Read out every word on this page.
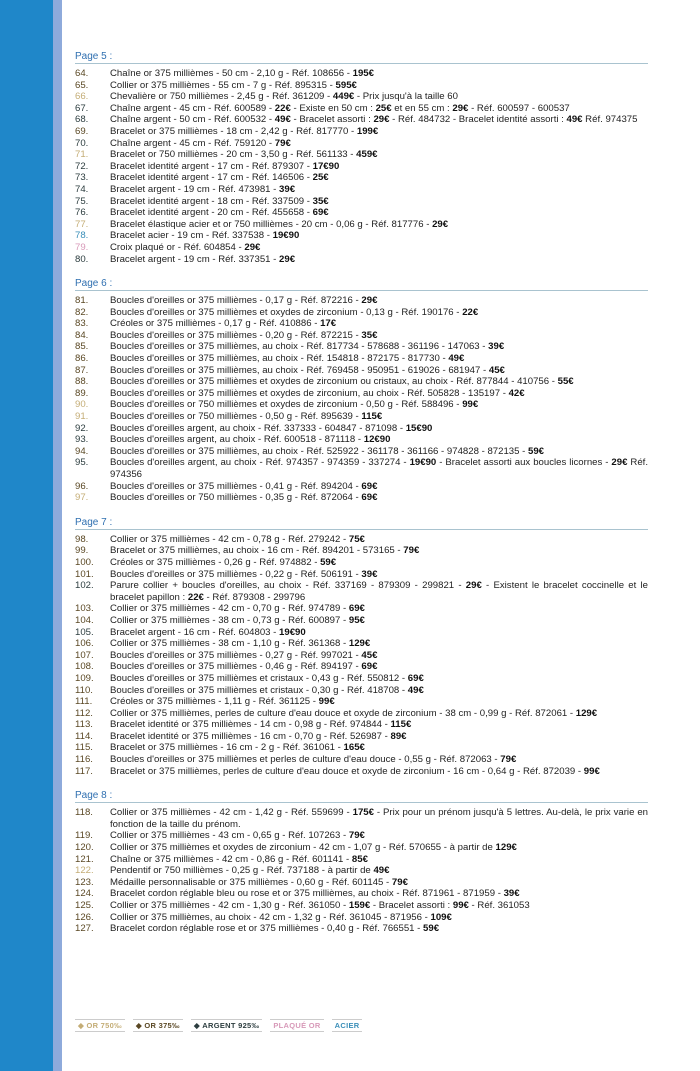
Page 5 :
64.	Chaîne or 375 millièmes - 50 cm - 2,10 g - Réf. 108656 - 195€
65.	Collier or 375 millièmes - 55 cm - 7 g - Réf. 895315 - 595€
66.	Chevalière or 750 millièmes - 2,45 g - Réf. 361209 - 449€ - Prix jusqu'à la taille 60
67.	Chaîne argent - 45 cm - Réf. 600589 - 22€ - Existe en 50 cm : 25€ et en 55 cm : 29€ - Réf. 600597 - 600537
68.	Chaîne argent - 50 cm - Réf. 600532 - 49€ - Bracelet assorti : 29€ - Réf. 484732 - Bracelet identité assorti : 49€ Réf. 974375
69.	Bracelet or 375 millièmes - 18 cm - 2,42 g - Réf. 817770 - 199€
70.	Chaîne argent - 45 cm - Réf. 759120 - 79€
71.	Bracelet or 750 millièmes - 20 cm - 3,50 g - Réf. 561133 - 459€
72.	Bracelet identité argent - 17 cm - Réf. 879307 - 17€90
73.	Bracelet identité argent - 17 cm - Réf. 146506 - 25€
74.	Bracelet argent - 19 cm - Réf. 473981 - 39€
75.	Bracelet identité argent - 18 cm - Réf. 337509 - 35€
76.	Bracelet identité argent - 20 cm - Réf. 455658 - 69€
77.	Bracelet élastique acier et or 750 millièmes - 20 cm - 0,06 g - Réf. 817776 - 29€
78.	Bracelet acier - 19 cm - Réf. 337538 - 19€90
79.	Croix plaqué or - Réf. 604854 - 29€
80.	Bracelet argent - 19 cm - Réf. 337351 - 29€
Page 6 :
81.	Boucles d'oreilles or 375 millièmes - 0,17 g - Réf. 872216 - 29€
82.	Boucles d'oreilles or 375 millièmes et oxydes de zirconium - 0,13 g - Réf. 190176 - 22€
83.	Créoles or 375 millièmes - 0,17 g - Réf. 410886 - 17€
84.	Boucles d'oreilles or 375 millièmes - 0,20 g - Réf. 872215 - 35€
85.	Boucles d'oreilles or 375 millièmes, au choix - Réf. 817734 - 578688 - 361196 - 147063 - 39€
86.	Boucles d'oreilles or 375 millièmes, au choix - Réf. 154818 - 872175 - 817730 - 49€
87.	Boucles d'oreilles or 375 millièmes, au choix - Réf. 769458 - 950951 - 619026 - 681947 - 45€
88.	Boucles d'oreilles or 375 millièmes et oxydes de zirconium ou cristaux, au choix - Réf. 877844 - 410756 - 55€
89.	Boucles d'oreilles or 375 millièmes et oxydes de zirconium, au choix - Réf. 505828 - 135197 - 42€
90.	Boucles d'oreilles or 750 millièmes et oxydes de zirconium - 0,50 g - Réf. 588496 - 99€
91.	Boucles d'oreilles or 750 millièmes - 0,50 g - Réf. 895639 - 115€
92.	Boucles d'oreilles argent, au choix - Réf. 337333 - 604847 - 871098 - 15€90
93.	Boucles d'oreilles argent, au choix - Réf. 600518 - 871118 - 12€90
94.	Boucles d'oreilles or 375 millièmes, au choix - Réf. 525922 - 361178 - 361166 - 974828 - 872135 - 59€
95.	Boucles d'oreilles argent, au choix - Réf. 974357 - 974359 - 337274 - 19€90 - Bracelet assorti aux boucles licornes - 29€ Réf. 974356
96.	Boucles d'oreilles or 375 millièmes - 0,41 g - Réf. 894204 - 69€
97.	Boucles d'oreilles or 750 millièmes - 0,35 g - Réf. 872064 - 69€
Page 7 :
98.	Collier or 375 millièmes - 42 cm - 0,78 g - Réf. 279242 - 75€
99.	Bracelet or 375 millièmes, au choix - 16 cm - Réf. 894201 - 573165 - 79€
100.	Créoles or 375 millièmes - 0,26 g - Réf. 974882 - 59€
101.	Boucles d'oreilles or 375 millièmes - 0,22 g - Réf. 506191 - 39€
102.	Parure collier + boucles d'oreilles, au choix - Réf. 337169 - 879309 - 299821 - 29€ - Existent le bracelet coccinelle et le bracelet papillon : 22€ - Réf. 879308 - 299796
103.	Collier or 375 millièmes - 42 cm - 0,70 g - Réf. 974789 - 69€
104.	Collier or 375 millièmes - 38 cm - 0,73 g - Réf. 600897 - 95€
105.	Bracelet argent - 16 cm - Réf. 604803 - 19€90
106.	Collier or 375 millièmes - 38 cm - 1,10 g - Réf. 361368 - 129€
107.	Boucles d'oreilles or 375 millièmes - 0,27 g - Réf. 997021 - 45€
108.	Boucles d'oreilles or 375 millièmes - 0,46 g - Réf. 894197 - 69€
109.	Boucles d'oreilles or 375 millièmes et cristaux - 0,43 g - Réf. 550812 - 69€
110.	Boucles d'oreilles or 375 millièmes et cristaux - 0,30 g - Réf. 418708 - 49€
111.	Créoles or 375 millièmes - 1,11 g - Réf. 361125 - 99€
112.	Collier or 375 millièmes, perles de culture d'eau douce et oxyde de zirconium - 38 cm - 0,99 g - Réf. 872061 - 129€
113.	Bracelet identité or 375 millièmes - 14 cm - 0,98 g - Réf. 974844 - 115€
114.	Bracelet identité or 375 millièmes - 16 cm - 0,70 g - Réf. 526987 - 89€
115.	Bracelet or 375 millièmes - 16 cm - 2 g - Réf. 361061 - 165€
116.	Boucles d'oreilles or 375 millièmes et perles de culture d'eau douce - 0,55 g - Réf. 872063 - 79€
117.	Bracelet or 375 millièmes, perles de culture d'eau douce et oxyde de zirconium - 16 cm - 0,64 g - Réf. 872039 - 99€
Page 8 :
118.	Collier or 375 millièmes - 42 cm - 1,42 g - Réf. 559699 - 175€ - Prix pour un prénom jusqu'à 5 lettres. Au-delà, le prix varie en fonction de la taille du prénom.
119.	Collier or 375 millièmes - 43 cm - 0,65 g - Réf. 107263 - 79€
120.	Collier or 375 millièmes et oxydes de zirconium - 42 cm - 1,07 g - Réf. 570655 - à partir de 129€
121.	Chaîne or 375 millièmes - 42 cm - 0,86 g - Réf. 601141 - 85€
122.	Pendentif or 750 millièmes - 0,25 g - Réf. 737188 - à partir de 49€
123.	Médaille personnalisable or 375 millièmes - 0,60 g - Réf. 601145 - 79€
124.	Bracelet cordon réglable bleu ou rose et or 375 millièmes, au choix - Réf. 871961 - 871959 - 39€
125.	Collier or 375 millièmes - 42 cm - 1,30 g - Réf. 361050 - 159€ - Bracelet assorti : 99€ - Réf. 361053
126.	Collier or 375 millièmes, au choix - 42 cm - 1,32 g - Réf. 361045 - 871956 - 109€
127.	Bracelet cordon réglable rose et or 375 millièmes - 0,40 g - Réf. 766551 - 59€
◆ OR 750‰	◆ OR 375‰	◆ ARGENT 925‰	PLAQUÉ OR	ACIER
